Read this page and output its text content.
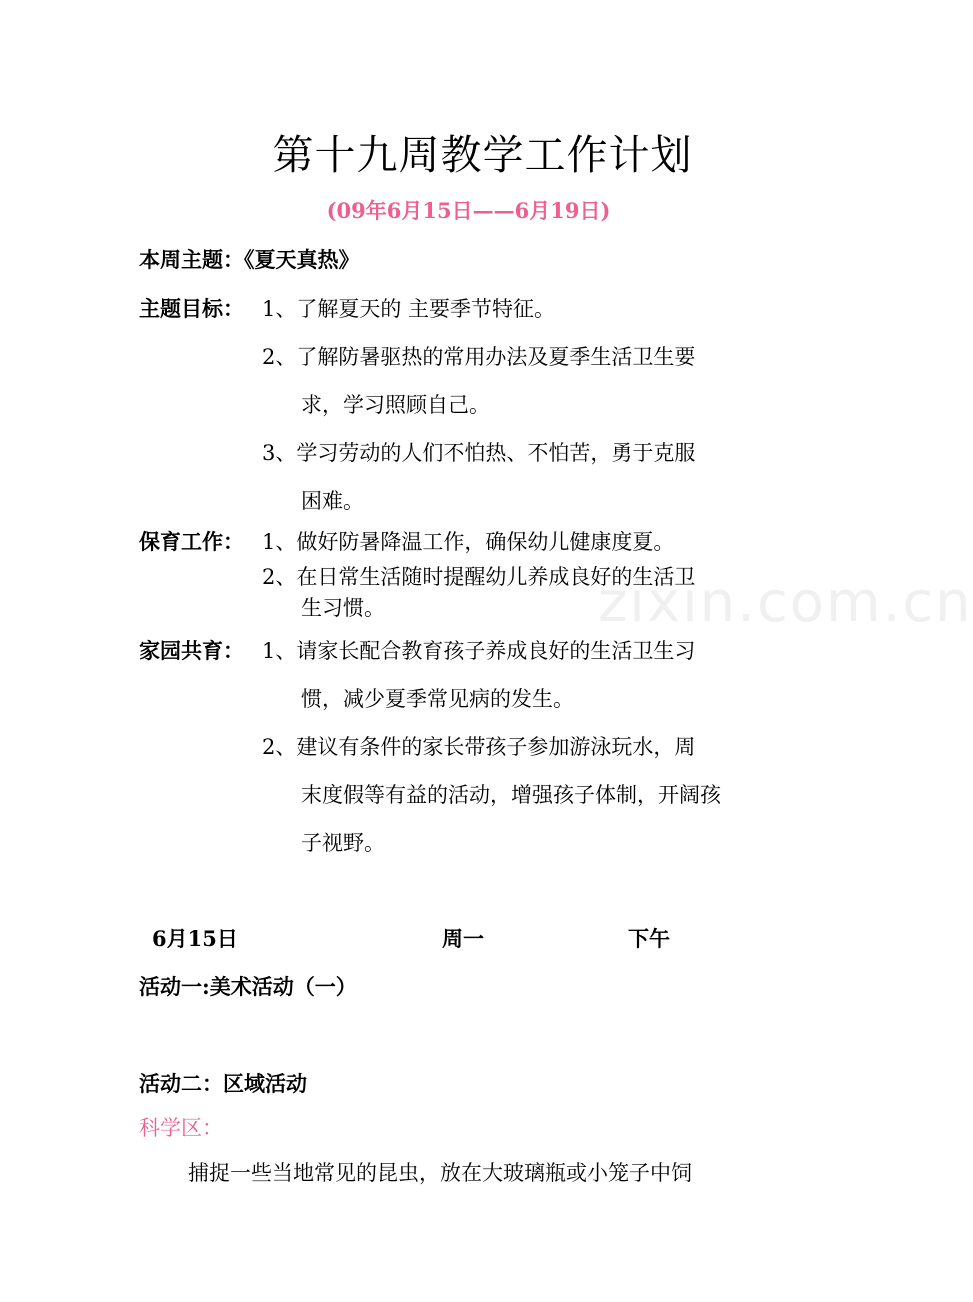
zixin.com.cn
第十九周教学工作计划
(09年6月15日——6月19日)
本周主题：《夏天真热》
主题目标： 1、了解夏天的 主要季节特征。
2、了解防暑驱热的常用办法及夏季生活卫生要
求，学习照顾自己。
3、学习劳动的人们不怕热、不怕苦，勇于克服
困难。
保育工作： 1、做好防暑降温工作，确保幼儿健康度夏。
2、在日常生活随时提醒幼儿养成良好的生活卫
生习惯。
家园共育： 1、请家长配合教育孩子养成良好的生活卫生习
惯，减少夏季常见病的发生。
2、建议有条件的家长带孩子参加游泳玩水，周
末度假等有益的活动，增强孩子体制，开阔孩
子视野。
6月15日	周一	下午
活动一:美术活动（一）
活动二：区域活动
科学区：
捕捉一些当地常见的昆虫，放在大玻璃瓶或小笼子中饲
